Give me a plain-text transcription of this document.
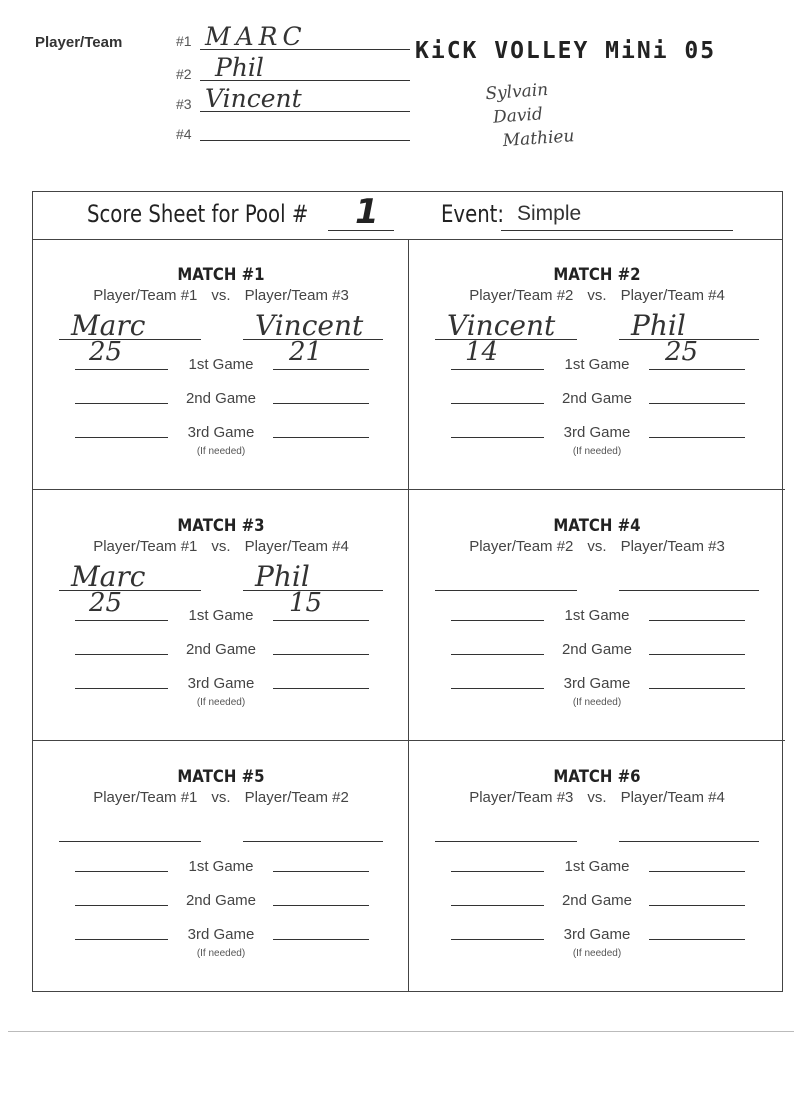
Player/Team	#1 MARC
#2 Phil
#3 Vincent
#4
KiCK VOLLEY MiNi 05
Sylvain
David
Mathieu
Score Sheet for Pool # 1	Event: Simple
MATCH #1
Player/Team #1 vs. Player/Team #3
Marc	Vincent
25	21
1st Game
2nd Game
3rd Game
(If needed)
MATCH #2
Player/Team #2 vs. Player/Team #4
Vincent	Phil
14	25
1st Game
2nd Game
3rd Game
(If needed)
MATCH #3
Player/Team #1 vs. Player/Team #4
Marc	Phil
25	15
1st Game
2nd Game
3rd Game
(If needed)
MATCH #4
Player/Team #2 vs. Player/Team #3
1st Game
2nd Game
3rd Game
(If needed)
MATCH #5
Player/Team #1 vs. Player/Team #2
1st Game
2nd Game
3rd Game
(If needed)
MATCH #6
Player/Team #3 vs. Player/Team #4
1st Game
2nd Game
3rd Game
(If needed)
